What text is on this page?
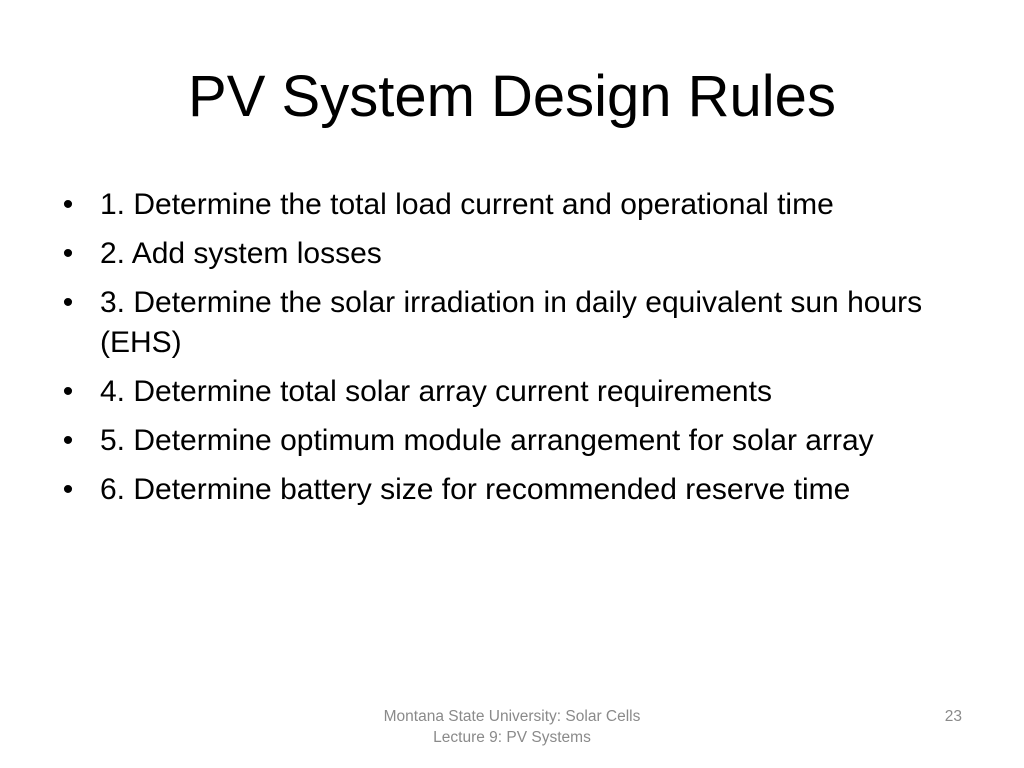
PV System Design Rules
• 1. Determine the total load current and operational time
• 2. Add system losses
• 3. Determine the solar irradiation in daily equivalent sun hours (EHS)
• 4. Determine total solar array current requirements
• 5. Determine optimum module arrangement for solar array
• 6. Determine battery size for recommended reserve time
Montana State University: Solar Cells
Lecture 9: PV Systems
23
